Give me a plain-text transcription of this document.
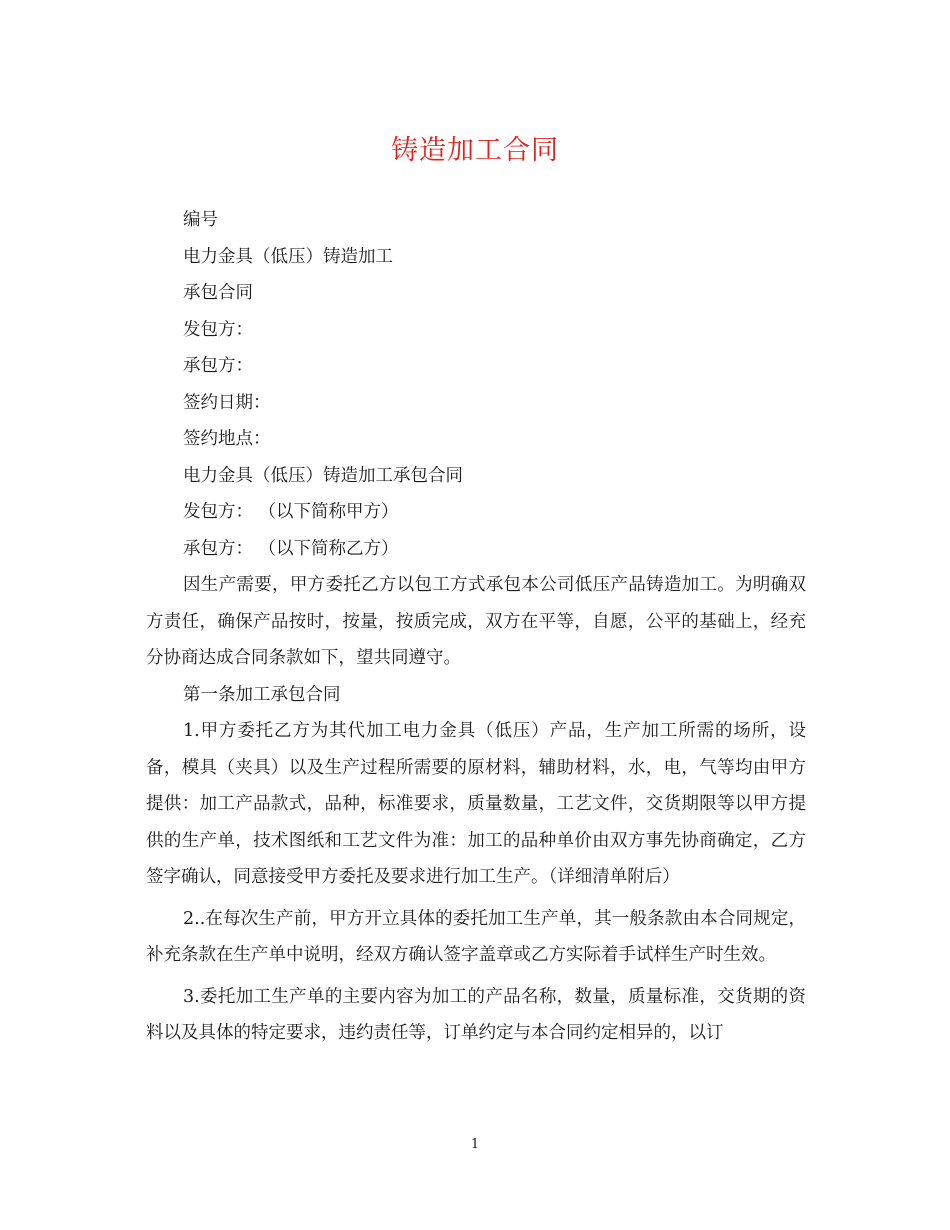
铸造加工合同
编号
电力金具（低压）铸造加工
承包合同
发包方：
承包方：
签约日期：
签约地点：
电力金具（低压）铸造加工承包合同
发包方： （以下简称甲方）
承包方： （以下简称乙方）

因生产需要，甲方委托乙方以包工方式承包本公司低压产品铸造加工。为明确双方责任，确保产品按时，按量，按质完成，双方在平等，自愿，公平的基础上，经充分协商达成合同条款如下，望共同遵守。

第一条加工承包合同

1.甲方委托乙方为其代加工电力金具（低压）产品，生产加工所需的场所，设备，模具（夹具）以及生产过程所需要的原材料，辅助材料，水，电，气等均由甲方提供：加工产品款式，品种，标准要求，质量数量，工艺文件，交货期限等以甲方提供的生产单，技术图纸和工艺文件为准：加工的品种单价由双方事先协商确定，乙方签字确认，同意接受甲方委托及要求进行加工生产。（详细清单附后）

2..在每次生产前，甲方开立具体的委托加工生产单，其一般条款由本合同规定，补充条款在生产单中说明，经双方确认签字盖章或乙方实际着手试样生产时生效。

3.委托加工生产单的主要内容为加工的产品名称，数量，质量标准，交货期的资料以及具体的特定要求，违约责任等，订单约定与本合同约定相异的，以订

1
